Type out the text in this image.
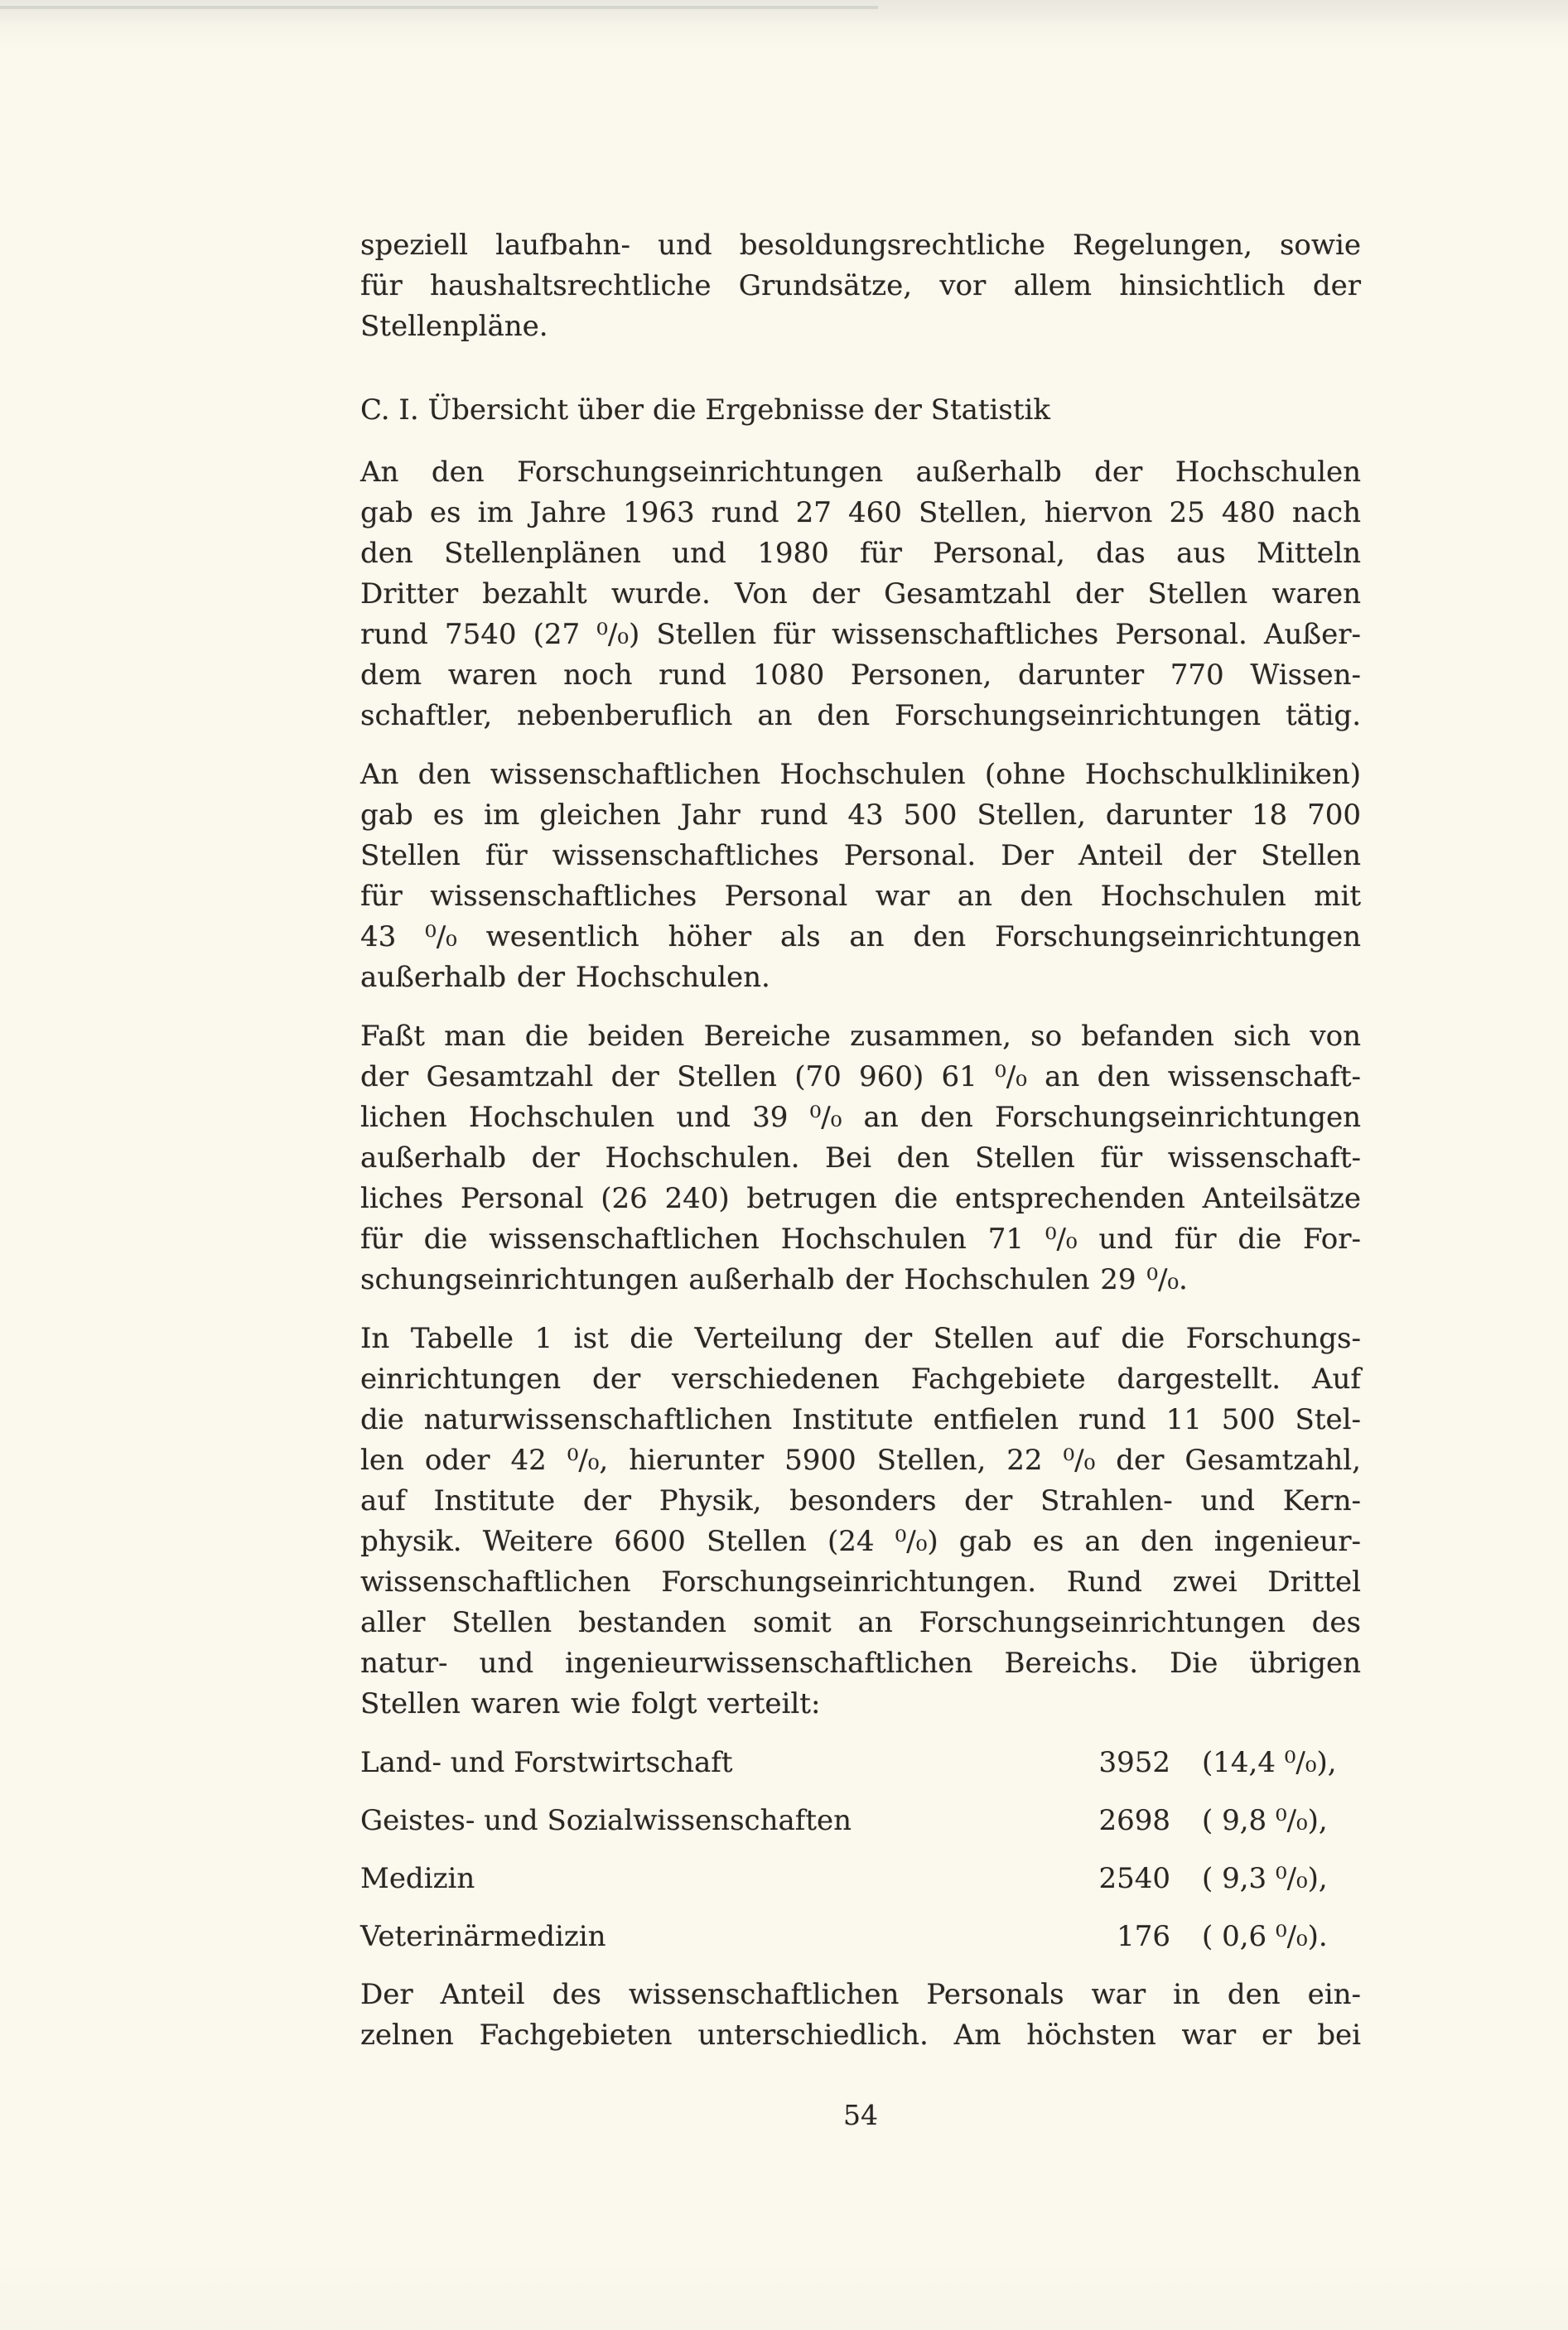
speziell laufbahn- und besoldungsrechtliche Regelungen, sowie
für haushaltsrechtliche Grundsätze, vor allem hinsichtlich der
Stellenpläne.

C. I. Übersicht über die Ergebnisse der Statistik

An den Forschungseinrichtungen außerhalb der Hochschulen
gab es im Jahre 1963 rund 27 460 Stellen, hiervon 25 480 nach
den Stellenplänen und 1980 für Personal, das aus Mitteln
Dritter bezahlt wurde. Von der Gesamtzahl der Stellen waren
rund 7540 (27 ⁰/₀) Stellen für wissenschaftliches Personal. Außer-
dem waren noch rund 1080 Personen, darunter 770 Wissen-
schaftler, nebenberuflich an den Forschungseinrichtungen tätig.

An den wissenschaftlichen Hochschulen (ohne Hochschulkliniken)
gab es im gleichen Jahr rund 43 500 Stellen, darunter 18 700
Stellen für wissenschaftliches Personal. Der Anteil der Stellen
für wissenschaftliches Personal war an den Hochschulen mit
43 ⁰/₀ wesentlich höher als an den Forschungseinrichtungen
außerhalb der Hochschulen.

Faßt man die beiden Bereiche zusammen, so befanden sich von
der Gesamtzahl der Stellen (70 960) 61 ⁰/₀ an den wissenschaft-
lichen Hochschulen und 39 ⁰/₀ an den Forschungseinrichtungen
außerhalb der Hochschulen. Bei den Stellen für wissenschaft-
liches Personal (26 240) betrugen die entsprechenden Anteilsätze
für die wissenschaftlichen Hochschulen 71 ⁰/₀ und für die For-
schungseinrichtungen außerhalb der Hochschulen 29 ⁰/₀.

In Tabelle 1 ist die Verteilung der Stellen auf die Forschungs-
einrichtungen der verschiedenen Fachgebiete dargestellt. Auf
die naturwissenschaftlichen Institute entfielen rund 11 500 Stel-
len oder 42 ⁰/₀, hierunter 5900 Stellen, 22 ⁰/₀ der Gesamtzahl,
auf Institute der Physik, besonders der Strahlen- und Kern-
physik. Weitere 6600 Stellen (24 ⁰/₀) gab es an den ingenieur-
wissenschaftlichen Forschungseinrichtungen. Rund zwei Drittel
aller Stellen bestanden somit an Forschungseinrichtungen des
natur- und ingenieurwissenschaftlichen Bereichs. Die übrigen
Stellen waren wie folgt verteilt:

Land- und Forstwirtschaft	3952	(14,4 ⁰/₀),
Geistes- und Sozialwissenschaften	2698	( 9,8 ⁰/₀),
Medizin	2540	( 9,3 ⁰/₀),
Veterinärmedizin	176	( 0,6 ⁰/₀).

Der Anteil des wissenschaftlichen Personals war in den ein-
zelnen Fachgebieten unterschiedlich. Am höchsten war er bei

54
